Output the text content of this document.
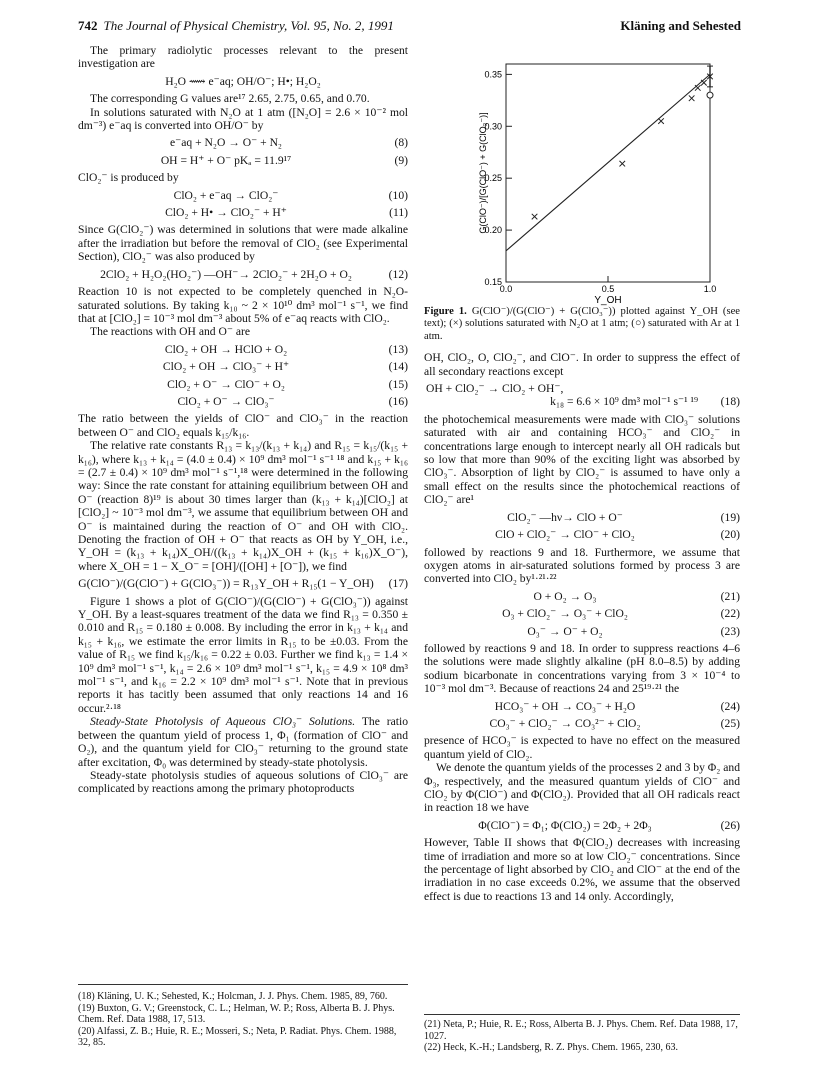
742 The Journal of Physical Chemistry, Vol. 95, No. 2, 1991	Kläning and Sehested

The primary radiolytic processes relevant to the present investigation are

H₂O ⟿ e⁻aq; OH/O⁻; H•; H₂O₂

The corresponding G values are¹⁷ 2.65, 2.75, 0.65, and 0.70.

In solutions saturated with N₂O at 1 atm ([N₂O] = 2.6 × 10⁻² mol dm⁻³) e⁻aq is converted into OH/O⁻ by

e⁻aq + N₂O → O⁻ + N₂	(8)
OH = H⁺ + O⁻ pKₐ = 11.9¹⁷	(9)

ClO₂⁻ is produced by

ClO₂ + e⁻aq → ClO₂⁻	(10)
ClO₂ + H• → ClO₂⁻ + H⁺	(11)

Since G(ClO₂⁻) was determined in solutions that were made alkaline after the irradiation but before the removal of ClO₂ (see Experimental Section), ClO₂⁻ was also produced by

2ClO₂ + H₂O₂(HO₂⁻) —OH⁻→ 2ClO₂⁻ + 2H₂O + O₂	(12)

Reaction 10 is not expected to be completely quenched in N₂O-saturated solutions. By taking k₁₀ ~ 2 × 10¹⁰ dm³ mol⁻¹ s⁻¹, we find that at [ClO₂] = 10⁻³ mol dm⁻³ about 5% of e⁻aq reacts with ClO₂.

The reactions with OH and O⁻ are

ClO₂ + OH → HClO + O₂	(13)
ClO₂ + OH → ClO₃⁻ + H⁺	(14)
ClO₂ + O⁻ → ClO⁻ + O₂	(15)
ClO₂ + O⁻ → ClO₃⁻	(16)

The ratio between the yields of ClO⁻ and ClO₃⁻ in the reaction between O⁻ and ClO₂ equals k₁₅/k₁₆.

The relative rate constants R₁₃ = k₁₃/(k₁₃ + k₁₄) and R₁₅ = k₁₅/(k₁₅ + k₁₆), where k₁₃ + k₁₄ = (4.0 ± 0.4) × 10⁹ dm³ mol⁻¹ s⁻¹ ¹⁸ and k₁₅ + k₁₆ = (2.7 ± 0.4) × 10⁹ dm³ mol⁻¹ s⁻¹,¹⁸ were determined in the following way: Since the rate constant for attaining equilibrium between OH and O⁻ (reaction 8)¹⁹ is about 30 times larger than (k₁₃ + k₁₄)[ClO₂] at [ClO₂] ~ 10⁻³ mol dm⁻³, we assume that equilibrium between OH and O⁻ is maintained during the reaction of O⁻ and OH with ClO₂. Denoting the fraction of OH + O⁻ that reacts as OH by Y_OH, i.e., Y_OH = (k₁₃ + k₁₄)X_OH/((k₁₃ + k₁₄)X_OH + (k₁₅ + k₁₆)X_O⁻), where X_OH = 1 − X_O⁻ = [OH]/([OH] + [O⁻]), we find

G(ClO⁻)/(G(ClO⁻) + G(ClO₃⁻)) = R₁₃Y_OH + R₁₅(1 − Y_OH)	(17)

Figure 1 shows a plot of G(ClO⁻)/(G(ClO⁻) + G(ClO₃⁻)) against Y_OH. By a least-squares treatment of the data we find R₁₃ = 0.350 ± 0.010 and R₁₅ = 0.180 ± 0.008. By including the error in k₁₃ + k₁₄ and k₁₅ + k₁₆, we estimate the error limits in R₁₅ to be ±0.03. From the value of R₁₅ we find k₁₅/k₁₆ = 0.22 ± 0.03. Further we find k₁₃ = 1.4 × 10⁹ dm³ mol⁻¹ s⁻¹, k₁₄ = 2.6 × 10⁹ dm³ mol⁻¹ s⁻¹, k₁₅ = 4.9 × 10⁸ dm³ mol⁻¹ s⁻¹, and k₁₆ = 2.2 × 10⁹ dm³ mol⁻¹ s⁻¹. Note that in previous reports it has tacitly been assumed that only reactions 14 and 16 occur.²·¹⁸

Steady-State Photolysis of Aqueous ClO₃⁻ Solutions. The ratio between the quantum yield of process 1, Φ₁ (formation of ClO⁻ and O₂), and the quantum yield for ClO₃⁻ returning to the ground state after excitation, Φ₀ was determined by steady-state photolysis.

Steady-state photolysis studies of aqueous solutions of ClO₃⁻ are complicated by reactions among the primary photoproducts

(18) Kläning, U. K.; Sehested, K.; Holcman, J. J. Phys. Chem. 1985, 89, 760.

(19) Buxton, G. V.; Greenstock, C. L.; Helman, W. P.; Ross, Alberta B. J. Phys. Chem. Ref. Data 1988, 17, 513.

(20) Alfassi, Z. B.; Huie, R. E.; Mosseri, S.; Neta, P. Radiat. Phys. Chem. 1988, 32, 85.

0.15
0.20
0.25
0.30
0.35
0.0	0.5	1.0
Y_OH
G(ClO⁻)/[G(ClO⁻) + G(ClO₃⁻)]

Figure 1. G(ClO⁻)/(G(ClO⁻) + G(ClO₃⁻)) plotted against Y_OH (see text); (×) solutions saturated with N₂O at 1 atm; (○) saturated with Ar at 1 atm.

OH, ClO₂, O, ClO₂⁻, and ClO⁻. In order to suppress the effect of all secondary reactions except

OH + ClO₂⁻ → ClO₂ + OH⁻,

k₁₈ = 6.6 × 10⁹ dm³ mol⁻¹ s⁻¹ ¹⁹	(18)

the photochemical measurements were made with ClO₃⁻ solutions saturated with air and containing HCO₃⁻ and ClO₂⁻ in concentrations large enough to intercept nearly all OH radicals but so low that more than 90% of the exciting light was absorbed by ClO₃⁻. Absorption of light by ClO₂⁻ is assumed to have only a small effect on the results since the photochemical reactions of ClO₂⁻ are¹

ClO₂⁻ —hν→ ClO + O⁻	(19)
ClO + ClO₂⁻ → ClO⁻ + ClO₂	(20)

followed by reactions 9 and 18. Furthermore, we assume that oxygen atoms in air-saturated solutions formed by process 3 are converted into ClO₂ by¹·²¹·²²

O + O₂ → O₃	(21)
O₃ + ClO₂⁻ → O₃⁻ + ClO₂	(22)
O₃⁻ → O⁻ + O₂	(23)

followed by reactions 9 and 18. In order to suppress reactions 4–6 the solutions were made slightly alkaline (pH 8.0–8.5) by adding sodium bicarbonate in concentrations varying from 3 × 10⁻⁴ to 10⁻³ mol dm⁻³. Because of reactions 24 and 25¹⁹·²¹ the

HCO₃⁻ + OH → CO₃⁻ + H₂O	(24)
CO₃⁻ + ClO₂⁻ → CO₃²⁻ + ClO₂	(25)

presence of HCO₃⁻ is expected to have no effect on the measured quantum yield of ClO₂.

We denote the quantum yields of the processes 2 and 3 by Φ₂ and Φ₃, respectively, and the measured quantum yields of ClO⁻ and ClO₂ by Φ(ClO⁻) and Φ(ClO₂). Provided that all OH radicals react in reaction 18 we have

Φ(ClO⁻) = Φ₁; Φ(ClO₂) = 2Φ₂ + 2Φ₃	(26)

However, Table II shows that Φ(ClO₂) decreases with increasing time of irradiation and more so at low ClO₂⁻ concentrations. Since the percentage of light absorbed by ClO₂ and ClO⁻ at the end of the irradiation in no case exceeds 0.2%, we assume that the observed effect is due to reactions 13 and 14 only. Accordingly,

(21) Neta, P.; Huie, R. E.; Ross, Alberta B. J. Phys. Chem. Ref. Data 1988, 17, 1027.

(22) Heck, K.-H.; Landsberg, R. Z. Phys. Chem. 1965, 230, 63.
